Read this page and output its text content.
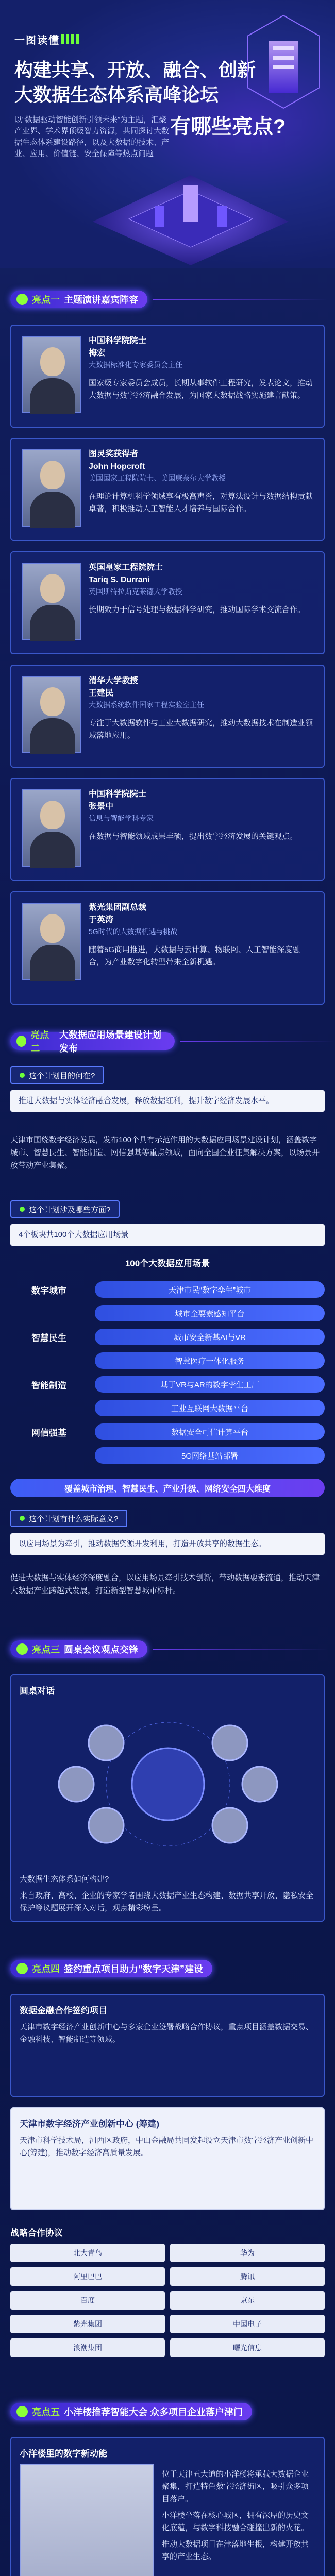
一图读懂
构建共享、开放、融合、创新
大数据生态体系高峰论坛
以“数据驱动智能创新引领未来”为主题，汇聚产业界、学术界顶级智力资源，共同探讨大数据生态体系建设路径，以及大数据的技术、产业、应用、价值链、安全保障等热点问题
有哪些亮点?
亮点一 主题演讲嘉宾阵容
中国科学院院士
梅宏
大数据标准化专家委员会主任
国家级专家委员会成员，长期从事软件工程研究，发表论文，推动大数据与数字经济融合发展，为国家大数据战略实施建言献策。
图灵奖获得者
John Hopcroft
美国国家工程院院士、美国康奈尔大学教授
在理论计算机科学领域享有极高声誉，对算法设计与数据结构贡献卓著，积极推动人工智能人才培养与国际合作。
英国皇家工程院院士
Tariq S. Durrani
英国斯特拉斯克莱德大学教授
长期致力于信号处理与数据科学研究，推动国际学术交流合作。
清华大学教授
王建民
大数据系统软件国家工程实验室主任
专注于大数据软件与工业大数据研究，推动大数据技术在制造业领域落地应用。
中国科学院院士
张景中
信息与智能学科专家
在数据与智能领域成果丰硕，提出数字经济发展的关键观点。
紫光集团副总裁
于英涛
5G时代的大数据机遇与挑战
随着5G商用推进，大数据与云计算、物联网、人工智能深度融合，为产业数字化转型带来全新机遇。
亮点二
大数据应用场景建设计划发布
这个计划目的何在?
推进大数据与实体经济融合发展，释放数据红利，提升数字经济发展水平。
天津市围绕数字经济发展，发布100个具有示范作用的大数据应用场景建设计划，涵盖数字城市、智慧民生、智能制造、网信强基等重点领域，面向全国企业征集解决方案，以场景开放带动产业集聚。
这个计划涉及哪些方面?
4个板块共100个大数据应用场景
100个大数据应用场景
数字城市	天津市民“数字孪生”城市
城市全要素感知平台
智慧民生	城市安全新基AI与VR
智慧医疗一体化服务
智能制造	基于VR与AR的数字孪生工厂
工业互联网大数据平台
网信强基	数据安全可信计算平台
5G网络基站部署
覆盖城市治理、智慧民生、产业升级、网络安全四大维度
这个计划有什么实际意义?
以应用场景为牵引，推动数据资源开发利用，打造开放共享的数据生态。
促进大数据与实体经济深度融合，以应用场景牵引技术创新，带动数据要素流通，推动天津大数据产业跨越式发展，打造新型智慧城市标杆。
亮点三 圆桌会议观点交锋
圆桌对话

大数据生态体系如何构建?

来自政府、高校、企业的专家学者围绕大数据产业生态构建、数据共享开放、隐私安全保护等议题展开深入对话，观点精彩纷呈。

亮点四 签约重点项目助力“数字天津”建设
数据金融合作签约项目

天津市数字经济产业创新中心与多家企业签署战略合作协议，重点项目涵盖数据交易、金融科技、智能制造等领域。

天津市数字经济产业创新中心 (筹建)

天津市科学技术局，河西区政府，中山金融局共同发起设立天津市数字经济产业创新中心(筹建)，推动数字经济高质量发展。

战略合作协议
北大青鸟	华为
阿里巴巴	腾讯
百度	京东
紫光集团	中国电子
浪潮集团	曙光信息
亮点五 小洋楼推荐智能大会 众多项目企业落户津门
小洋楼里的数字新动能

位于天津五大道的小洋楼将承载大数据企业聚集，打造特色数字经济街区，吸引众多项目落户。

小洋楼坐落在核心城区，拥有深厚的历史文化底蕴，与数字科技融合碰撞出新的火花。

推动大数据项目在津落地生根，构建开放共享的产业生态。
